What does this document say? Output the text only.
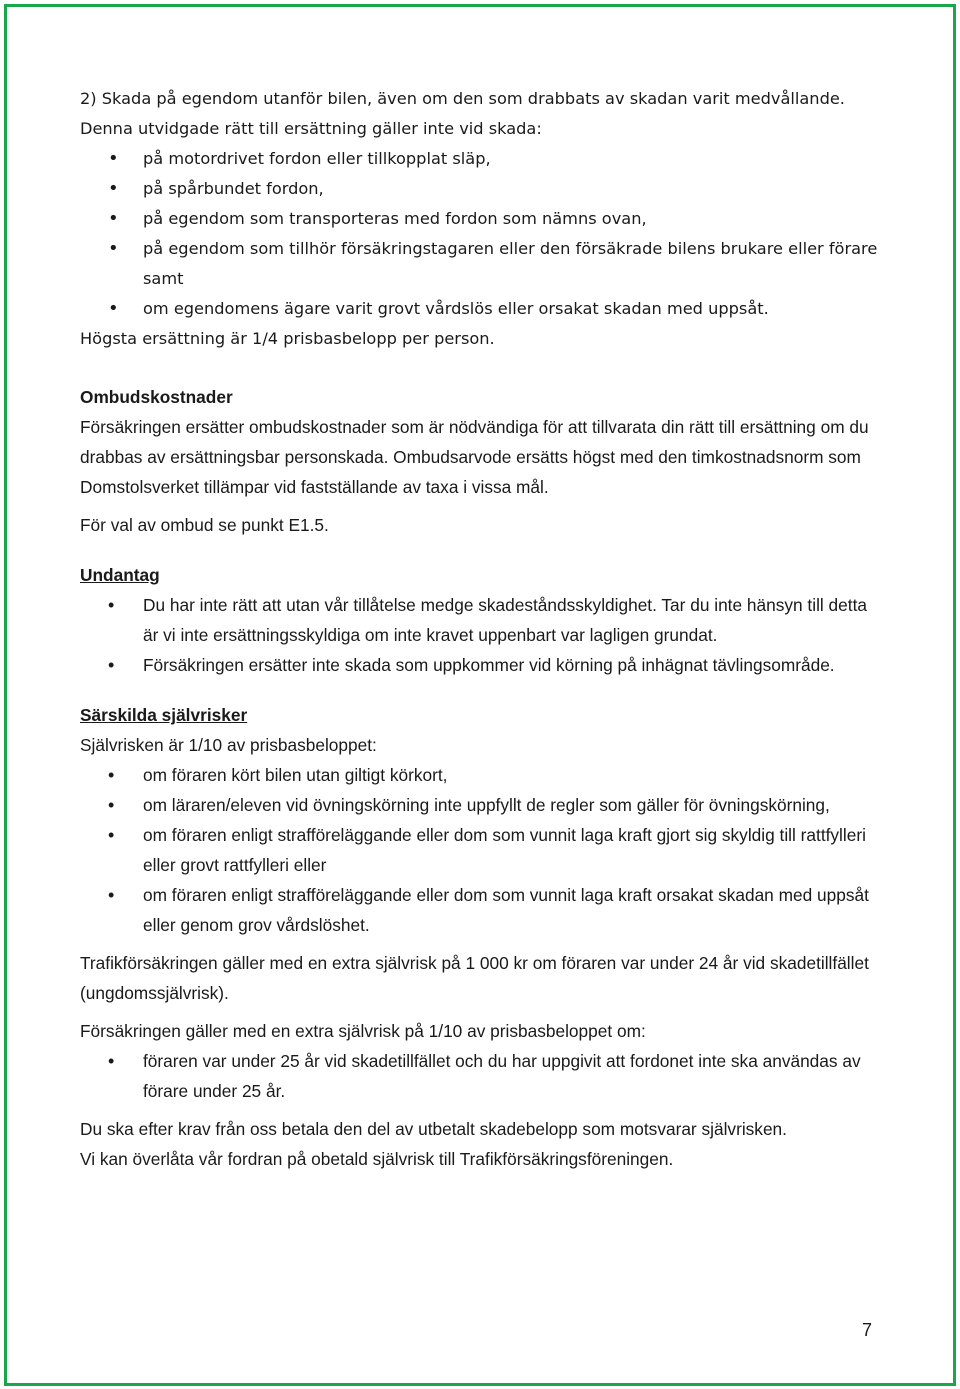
2) Skada på egendom utanför bilen, även om den som drabbats av skadan varit medvållande.

Denna utvidgade rätt till ersättning gäller inte vid skada:

• på motordrivet fordon eller tillkopplat släp,
• på spårbundet fordon,
• på egendom som transporteras med fordon som nämns ovan,
• på egendom som tillhör försäkringstagaren eller den försäkrade bilens brukare eller förare samt
• om egendomens ägare varit grovt vårdslös eller orsakat skadan med uppsåt.

Högsta ersättning är 1/4 prisbasbelopp per person.

Ombudskostnader

Försäkringen ersätter ombudskostnader som är nödvändiga för att tillvarata din rätt till ersättning om du drabbas av ersättningsbar personskada. Ombudsarvode ersätts högst med den timkostnadsnorm som Domstolsverket tillämpar vid fastställande av taxa i vissa mål.

För val av ombud se punkt E1.5.

Undantag

• Du har inte rätt att utan vår tillåtelse medge skadeståndsskyldighet. Tar du inte hänsyn till detta är vi inte ersättningsskyldiga om inte kravet uppenbart var lagligen grundat.
• Försäkringen ersätter inte skada som uppkommer vid körning på inhägnat tävlingsområde.

Särskilda självrisker

Självrisken är 1/10 av prisbasbeloppet:

• om föraren kört bilen utan giltigt körkort,
• om läraren/eleven vid övningskörning inte uppfyllt de regler som gäller för övningskörning,
• om föraren enligt strafföreläggande eller dom som vunnit laga kraft gjort sig skyldig till rattfylleri eller grovt rattfylleri eller
• om föraren enligt strafföreläggande eller dom som vunnit laga kraft orsakat skadan med uppsåt eller genom grov vårdslöshet.

Trafikförsäkringen gäller med en extra självrisk på 1 000 kr om föraren var under 24 år vid skadetillfället (ungdomssjälvrisk).

Försäkringen gäller med en extra självrisk på 1/10 av prisbasbeloppet om:

• föraren var under 25 år vid skadetillfället och du har uppgivit att fordonet inte ska användas av förare under 25 år.

Du ska efter krav från oss betala den del av utbetalt skadebelopp som motsvarar självrisken.

Vi kan överlåta vår fordran på obetald självrisk till Trafikförsäkringsföreningen.

7
